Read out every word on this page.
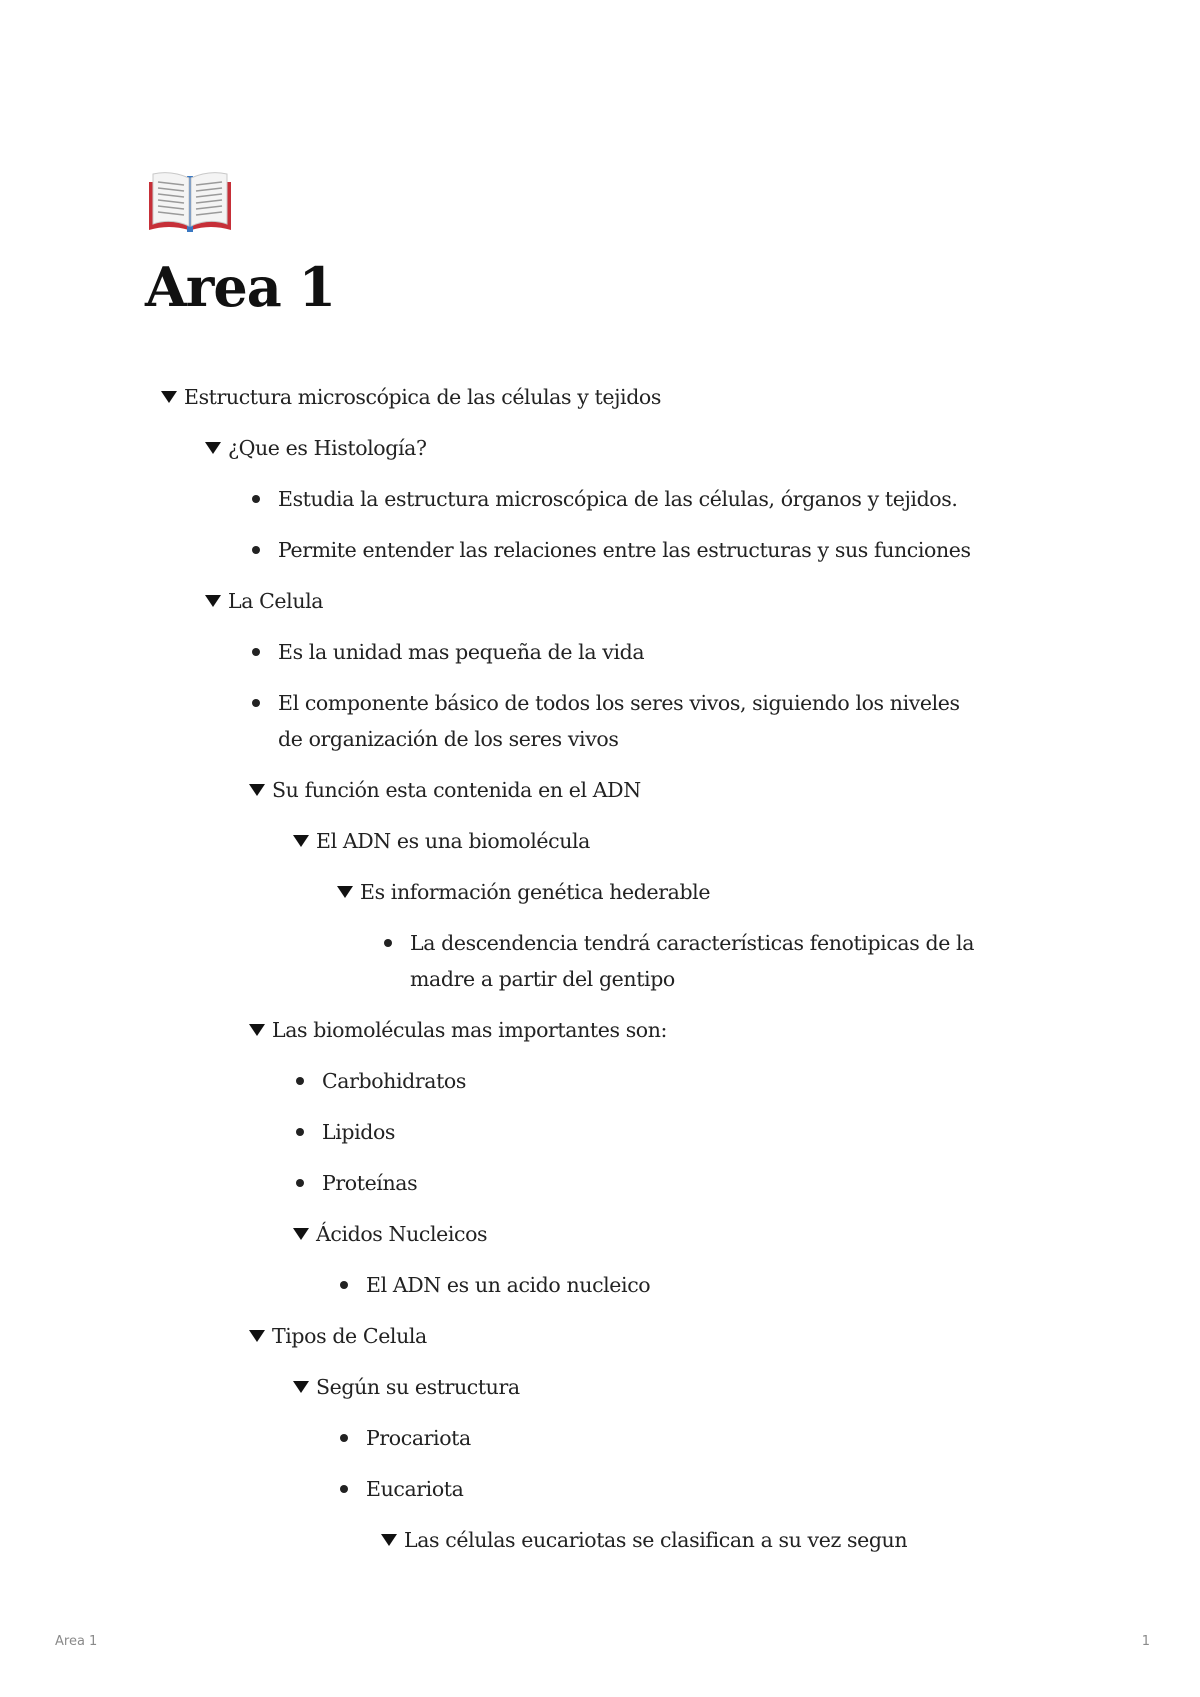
Area 1
Estructura microscópica de las células y tejidos
¿Que es Histología?
Estudia la estructura microscópica de las células, órganos y tejidos.
Permite entender las relaciones entre las estructuras y sus funciones
La Celula
Es la unidad mas pequeña de la vida
El componente básico de todos los seres vivos, siguiendo los niveles de organización de los seres vivos
Su función esta contenida en el ADN
El ADN es una biomolécula
Es información genética hederable
La descendencia tendrá características fenotipicas de la madre a partir del gentipo
Las biomoléculas mas importantes son:
Carbohidratos
Lipidos
Proteínas
Ácidos Nucleicos
El ADN es un acido nucleico
Tipos de Celula
Según su estructura
Procariota
Eucariota
Las células eucariotas se clasifican a su vez segun
Area 1	1
